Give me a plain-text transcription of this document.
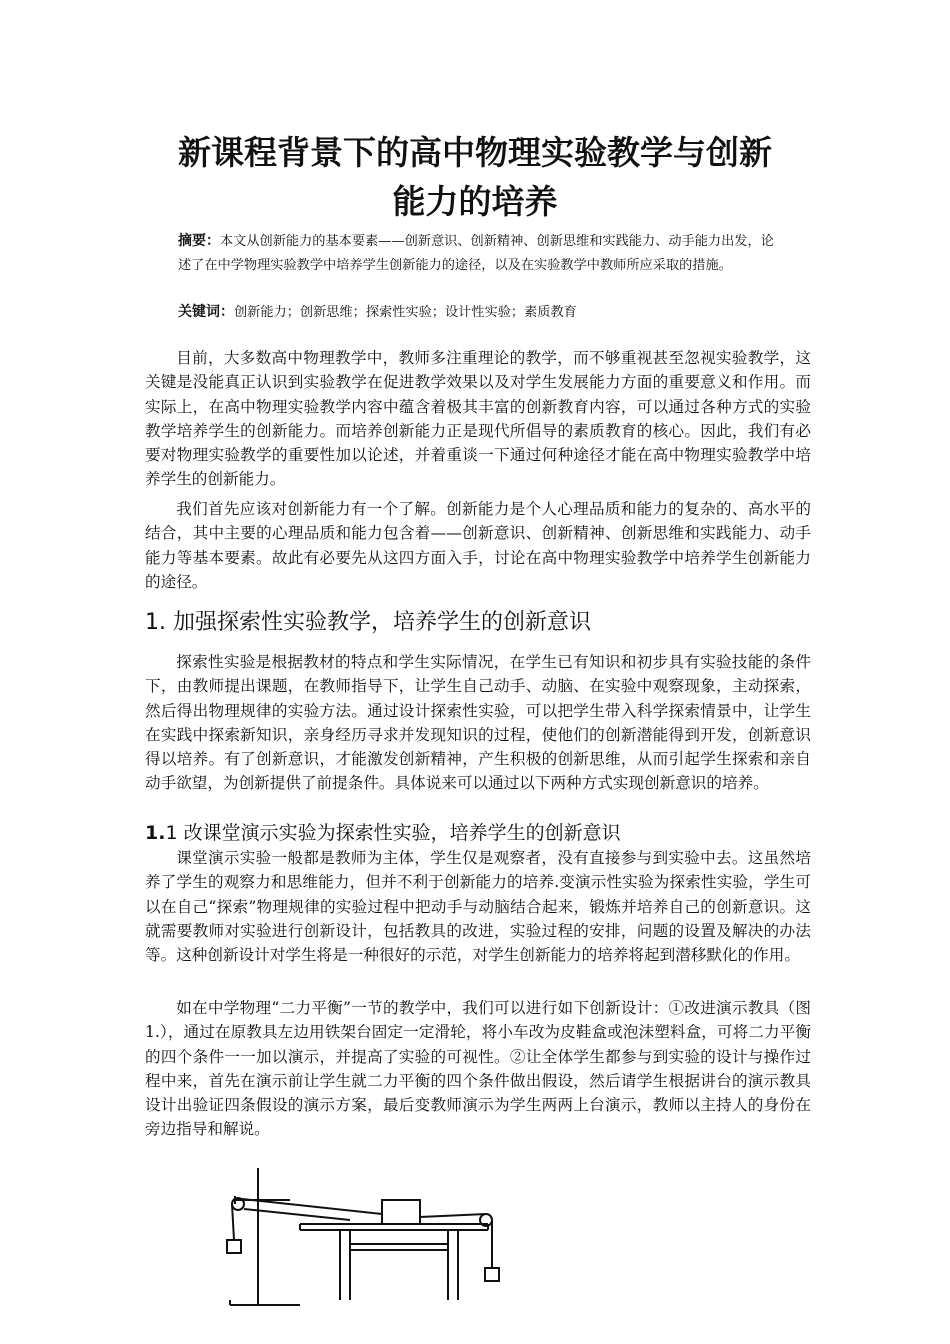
新课程背景下的高中物理实验教学与创新
能力的培养
摘要：本文从创新能力的基本要素——创新意识、创新精神、创新思维和实践能力、动手能力出发，论述了在中学物理实验教学中培养学生创新能力的途径，以及在实验教学中教师所应采取的措施。
关键词：创新能力；创新思维；探索性实验；设计性实验；素质教育
目前，大多数高中物理教学中，教师多注重理论的教学，而不够重视甚至忽视实验教学，这关键是没能真正认识到实验教学在促进教学效果以及对学生发展能力方面的重要意义和作用。而实际上，在高中物理实验教学内容中蕴含着极其丰富的创新教育内容，可以通过各种方式的实验教学培养学生的创新能力。而培养创新能力正是现代所倡导的素质教育的核心。因此，我们有必要对物理实验教学的重要性加以论述，并着重谈一下通过何种途径才能在高中物理实验教学中培养学生的创新能力。
我们首先应该对创新能力有一个了解。创新能力是个人心理品质和能力的复杂的、高水平的结合，其中主要的心理品质和能力包含着——创新意识、创新精神、创新思维和实践能力、动手能力等基本要素。故此有必要先从这四方面入手，讨论在高中物理实验教学中培养学生创新能力的途径。
1. 加强探索性实验教学，培养学生的创新意识
探索性实验是根据教材的特点和学生实际情况，在学生已有知识和初步具有实验技能的条件下，由教师提出课题，在教师指导下，让学生自己动手、动脑、在实验中观察现象，主动探索，然后得出物理规律的实验方法。通过设计探索性实验，可以把学生带入科学探索情景中，让学生在实践中探索新知识，亲身经历寻求并发现知识的过程，使他们的创新潜能得到开发，创新意识得以培养。有了创新意识，才能激发创新精神，产生积极的创新思维，从而引起学生探索和亲自动手欲望，为创新提供了前提条件。具体说来可以通过以下两种方式实现创新意识的培养。
1.1 改课堂演示实验为探索性实验，培养学生的创新意识
课堂演示实验一般都是教师为主体，学生仅是观察者，没有直接参与到实验中去。这虽然培养了学生的观察力和思维能力，但并不利于创新能力的培养.变演示性实验为探索性实验，学生可以在自己“探索”物理规律的实验过程中把动手与动脑结合起来，锻炼并培养自己的创新意识。这就需要教师对实验进行创新设计，包括教具的改进，实验过程的安排，问题的设置及解决的办法等。这种创新设计对学生将是一种很好的示范，对学生创新能力的培养将起到潜移默化的作用。
如在中学物理“二力平衡”一节的教学中，我们可以进行如下创新设计：①改进演示教具（图1.），通过在原教具左边用铁架台固定一定滑轮，将小车改为皮鞋盒或泡沫塑料盒，可将二力平衡的四个条件一一加以演示，并提高了实验的可视性。②让全体学生都参与到实验的设计与操作过程中来，首先在演示前让学生就二力平衡的四个条件做出假设，然后请学生根据讲台的演示教具设计出验证四条假设的演示方案，最后变教师演示为学生两两上台演示，教师以主持人的身份在旁边指导和解说。
